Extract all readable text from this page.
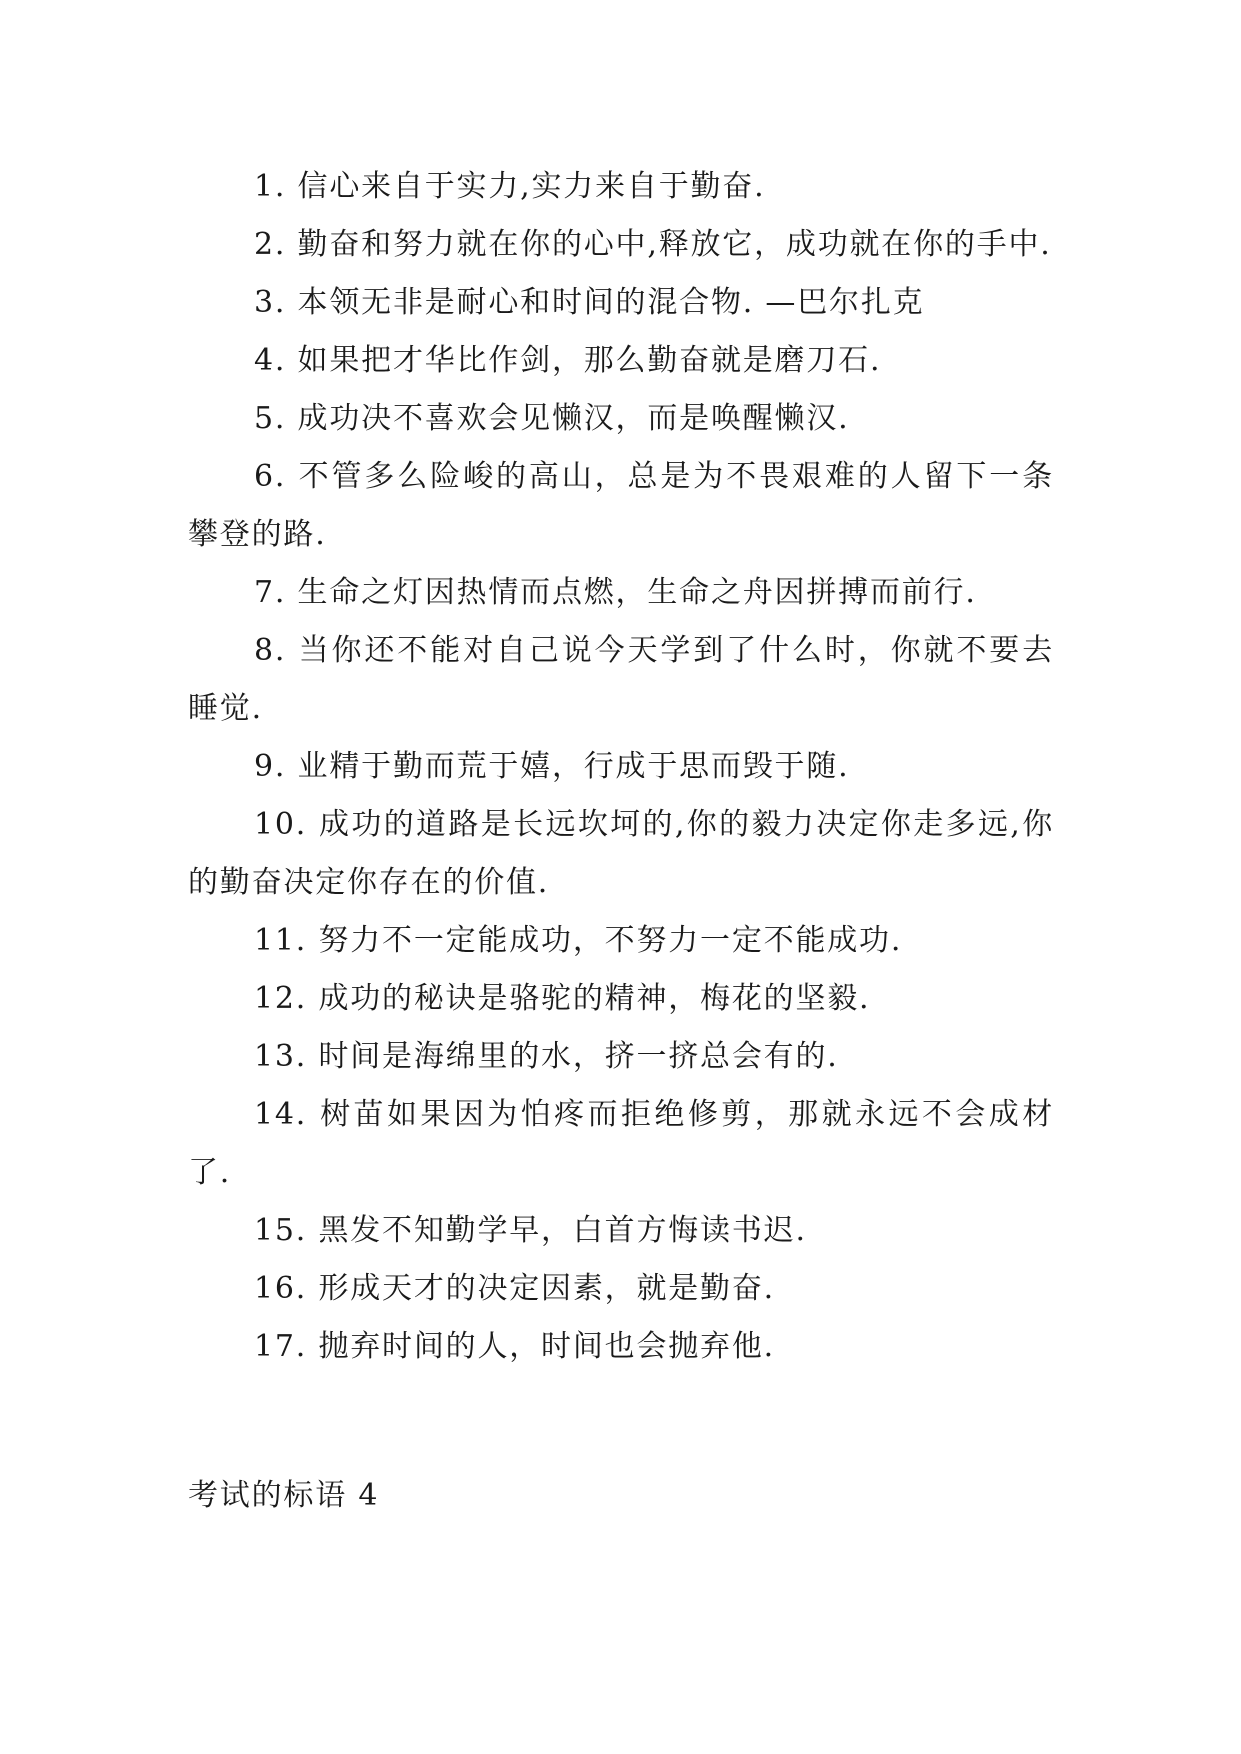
1. 信心来自于实力,实力来自于勤奋.

2. 勤奋和努力就在你的心中,释放它，成功就在你的手中.

3. 本领无非是耐心和时间的混合物. —巴尔扎克

4. 如果把才华比作剑，那么勤奋就是磨刀石.

5. 成功决不喜欢会见懒汉，而是唤醒懒汉.

6. 不管多么险峻的高山，总是为不畏艰难的人留下一条攀登的路.

7. 生命之灯因热情而点燃，生命之舟因拼搏而前行.

8. 当你还不能对自己说今天学到了什么时，你就不要去睡觉.

9. 业精于勤而荒于嬉，行成于思而毁于随.

10. 成功的道路是长远坎坷的,你的毅力决定你走多远,你的勤奋决定你存在的价值.

11. 努力不一定能成功，不努力一定不能成功.

12. 成功的秘诀是骆驼的精神，梅花的坚毅.

13. 时间是海绵里的水，挤一挤总会有的.

14. 树苗如果因为怕疼而拒绝修剪，那就永远不会成材了.

15. 黑发不知勤学早，白首方悔读书迟.

16. 形成天才的决定因素，就是勤奋.

17. 抛弃时间的人，时间也会抛弃他.

考试的标语 4
